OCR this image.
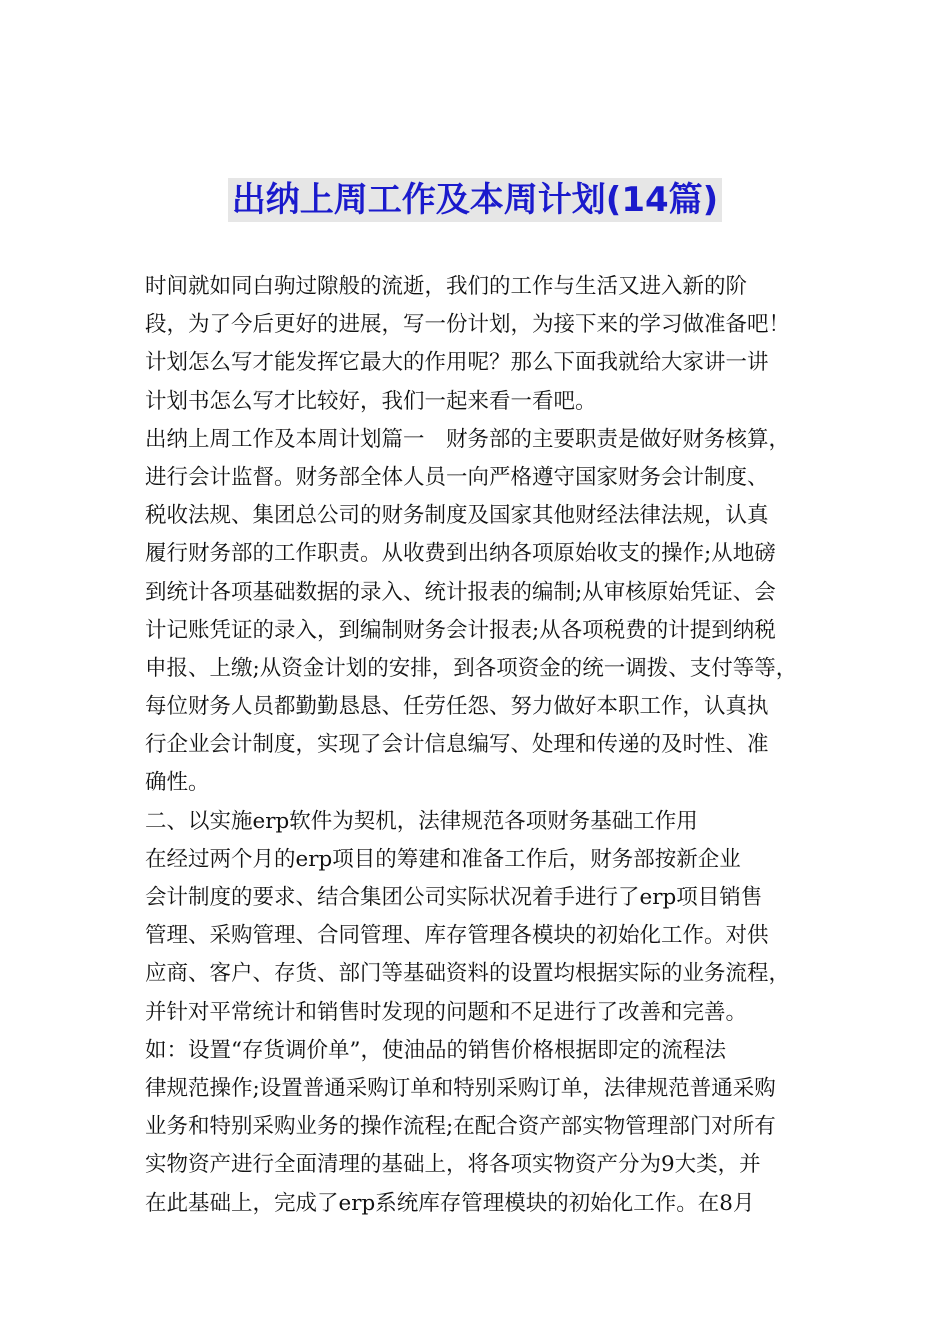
出纳上周工作及本周计划(14篇)
时间就如同白驹过隙般的流逝，我们的工作与生活又进入新的阶
段，为了今后更好的进展，写一份计划，为接下来的学习做准备吧！
计划怎么写才能发挥它最大的作用呢？那么下面我就给大家讲一讲
计划书怎么写才比较好，我们一起来看一看吧。
出纳上周工作及本周计划篇一　财务部的主要职责是做好财务核算，
进行会计监督。财务部全体人员一向严格遵守国家财务会计制度、
税收法规、集团总公司的财务制度及国家其他财经法律法规，认真
履行财务部的工作职责。从收费到出纳各项原始收支的操作;从地磅
到统计各项基础数据的录入、统计报表的编制;从审核原始凭证、会
计记账凭证的录入，到编制财务会计报表;从各项税费的计提到纳税
申报、上缴;从资金计划的安排，到各项资金的统一调拨、支付等等，
每位财务人员都勤勤恳恳、任劳任怨、努力做好本职工作，认真执
行企业会计制度，实现了会计信息编写、处理和传递的及时性、准
确性。
二、以实施erp软件为契机，法律规范各项财务基础工作用
在经过两个月的erp项目的筹建和准备工作后，财务部按新企业
会计制度的要求、结合集团公司实际状况着手进行了erp项目销售
管理、采购管理、合同管理、库存管理各模块的初始化工作。对供
应商、客户、存货、部门等基础资料的设置均根据实际的业务流程，
并针对平常统计和销售时发现的问题和不足进行了改善和完善。
如：设置“存货调价单”，使油品的销售价格根据即定的流程法
律规范操作;设置普通采购订单和特别采购订单，法律规范普通采购
业务和特别采购业务的操作流程;在配合资产部实物管理部门对所有
实物资产进行全面清理的基础上，将各项实物资产分为9大类，并
在此基础上，完成了erp系统库存管理模块的初始化工作。在8月
